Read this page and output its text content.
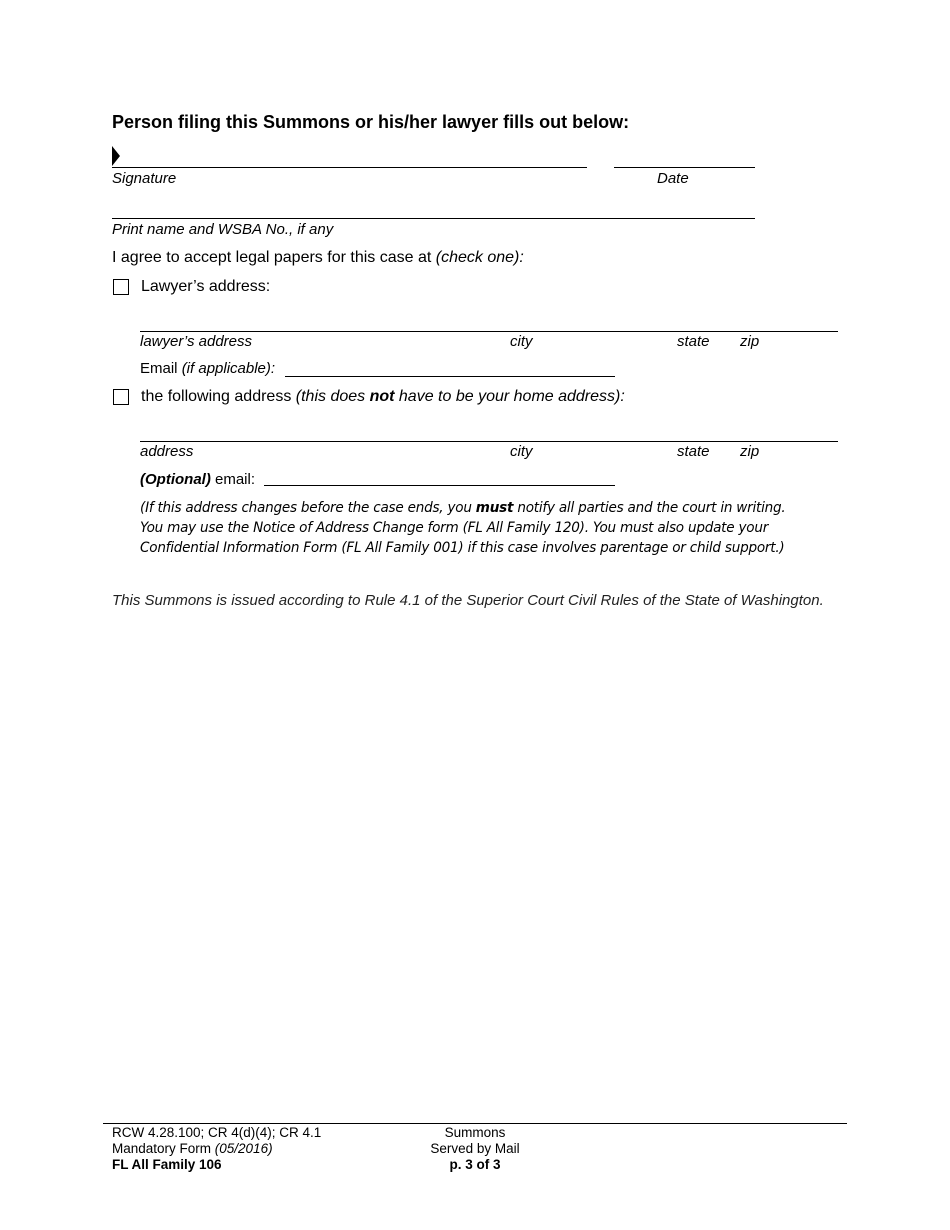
Person filing this Summons or his/her lawyer fills out below:
Signature	Date
Print name and WSBA No., if any
I agree to accept legal papers for this case at (check one):
Lawyer’s address:
lawyer’s address	city	state zip
Email (if applicable):
the following address (this does not have to be your home address):
address	city	state zip
(Optional) email:
(If this address changes before the case ends, you must notify all parties and the court in writing. You may use the Notice of Address Change form (FL All Family 120). You must also update your Confidential Information Form (FL All Family 001) if this case involves parentage or child support.)
This Summons is issued according to Rule 4.1 of the Superior Court Civil Rules of the State of Washington.
RCW 4.28.100; CR 4(d)(4); CR 4.1
Mandatory Form (05/2016)
FL All Family 106
Summons
Served by Mail
p. 3 of 3
